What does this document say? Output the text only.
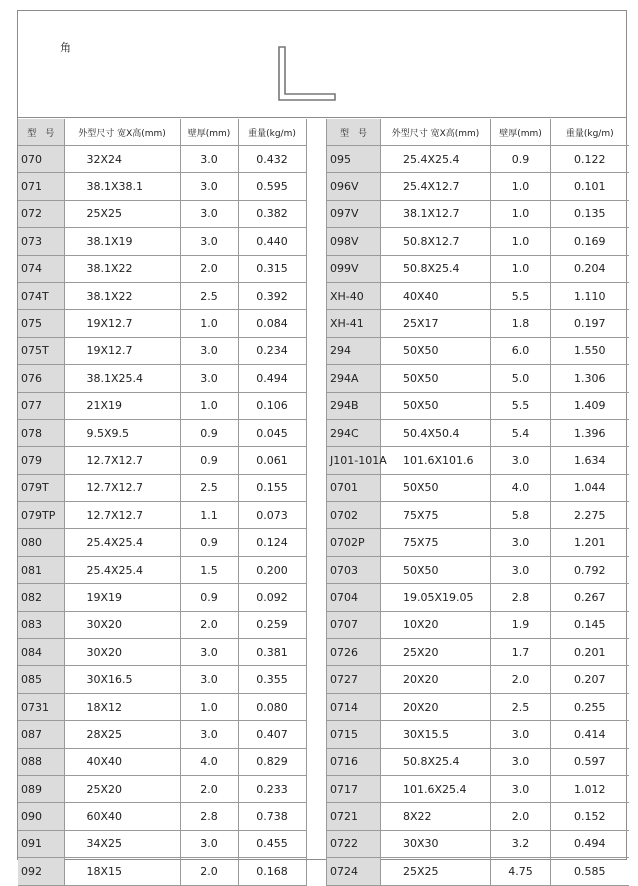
角
型　号	外型尺寸 宽X高(mm)	壁厚(mm)	重量(kg/m)
070	32X24	3.0	0.432
071	38.1X38.1	3.0	0.595
072	25X25	3.0	0.382
073	38.1X19	3.0	0.440
074	38.1X22	2.0	0.315
074T	38.1X22	2.5	0.392
075	19X12.7	1.0	0.084
075T	19X12.7	3.0	0.234
076	38.1X25.4	3.0	0.494
077	21X19	1.0	0.106
078	9.5X9.5	0.9	0.045
079	12.7X12.7	0.9	0.061
079T	12.7X12.7	2.5	0.155
079TP	12.7X12.7	1.1	0.073
080	25.4X25.4	0.9	0.124
081	25.4X25.4	1.5	0.200
082	19X19	0.9	0.092
083	30X20	2.0	0.259
084	30X20	3.0	0.381
085	30X16.5	3.0	0.355
0731	18X12	1.0	0.080
087	28X25	3.0	0.407
088	40X40	4.0	0.829
089	25X20	2.0	0.233
090	60X40	2.8	0.738
091	34X25	3.0	0.455
092	18X15	2.0	0.168
型　号	外型尺寸 宽X高(mm)	壁厚(mm)	重量(kg/m)
095	25.4X25.4	0.9	0.122
096V	25.4X12.7	1.0	0.101
097V	38.1X12.7	1.0	0.135
098V	50.8X12.7	1.0	0.169
099V	50.8X25.4	1.0	0.204
XH-40	40X40	5.5	1.110
XH-41	25X17	1.8	0.197
294	50X50	6.0	1.550
294A	50X50	5.0	1.306
294B	50X50	5.5	1.409
294C	50.4X50.4	5.4	1.396
J101-101A	101.6X101.6	3.0	1.634
0701	50X50	4.0	1.044
0702	75X75	5.8	2.275
0702P	75X75	3.0	1.201
0703	50X50	3.0	0.792
0704	19.05X19.05	2.8	0.267
0707	10X20	1.9	0.145
0726	25X20	1.7	0.201
0727	20X20	2.0	0.207
0714	20X20	2.5	0.255
0715	30X15.5	3.0	0.414
0716	50.8X25.4	3.0	0.597
0717	101.6X25.4	3.0	1.012
0721	8X22	2.0	0.152
0722	30X30	3.2	0.494
0724	25X25	4.75	0.585
